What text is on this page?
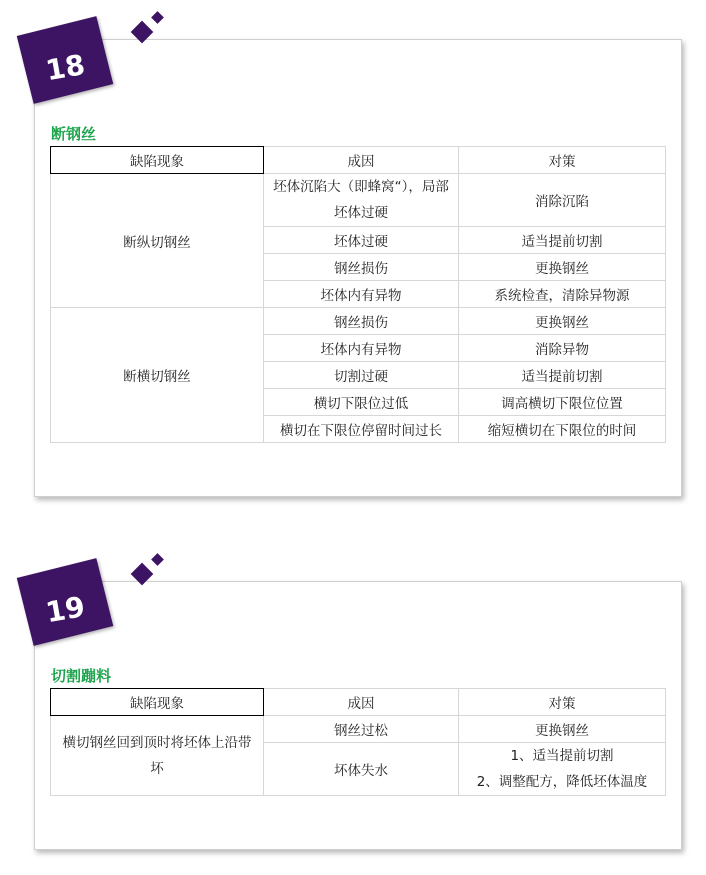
18
断钢丝
缺陷现象	成因	对策
断纵切钢丝	坯体沉陷大（即蜂窝“），局部坯体过硬	消除沉陷
	坯体过硬	适当提前切割
	钢丝损伤	更换钢丝
	坯体内有异物	系统检查，清除异物源
断横切钢丝	钢丝损伤	更换钢丝
	坯体内有异物	消除异物
	切割过硬	适当提前切割
	横切下限位过低	调高横切下限位位置
	横切在下限位停留时间过长	缩短横切在下限位的时间
19
切割蹦料
缺陷现象	成因	对策
横切钢丝回到顶时将坯体上沿带坏	钢丝过松	更换钢丝
	坏体失水	1、适当提前切割
2、调整配方，降低坯体温度
